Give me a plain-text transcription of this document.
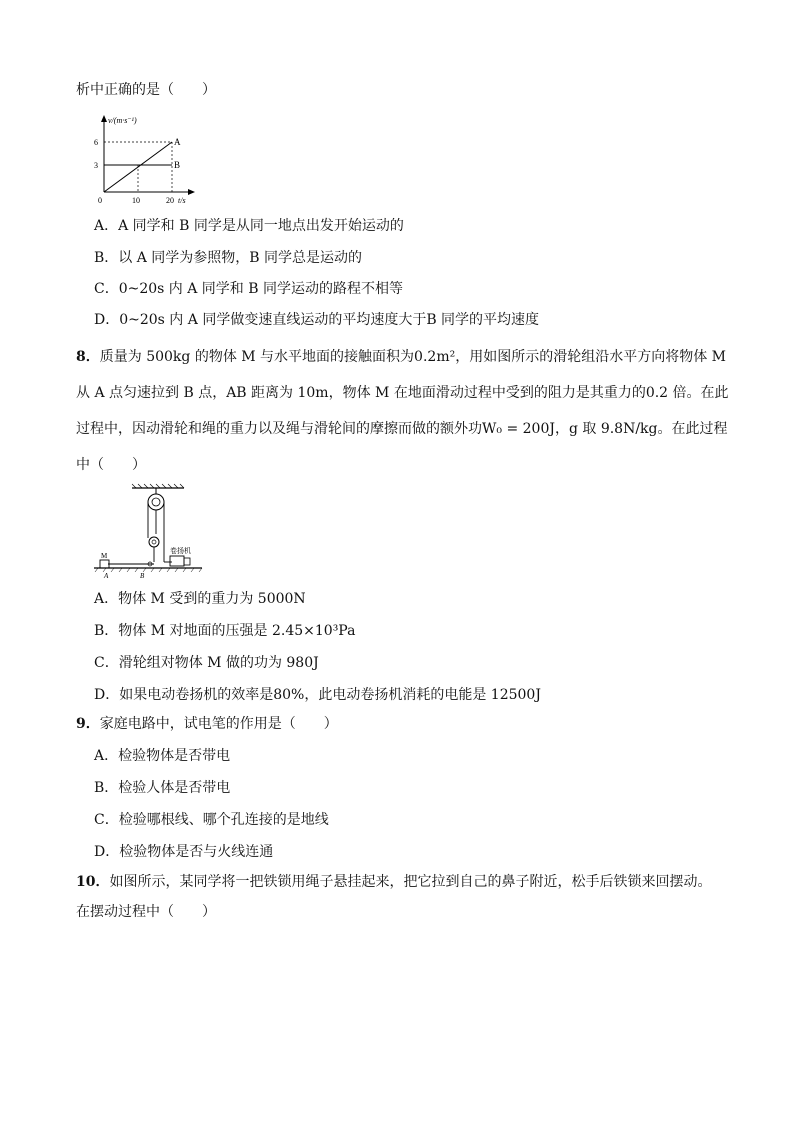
析中正确的是（　　）
v/(m·s⁻¹)
6
3
A
B
0	10	20 t/s
A．A 同学和 B 同学是从同一地点出发开始运动的
B．以 A 同学为参照物，B 同学总是运动的
C．0~20s 内 A 同学和 B 同学运动的路程不相等
D．0~20s 内 A 同学做变速直线运动的平均速度大于B 同学的平均速度
8．质量为 500kg 的物体 M 与水平地面的接触面积为0.2m²，用如图所示的滑轮组沿水平方向将物体 M
从 A 点匀速拉到 B 点，AB 距离为 10m，物体 M 在地面滑动过程中受到的阻力是其重力的0.2 倍。在此
过程中，因动滑轮和绳的重力以及绳与滑轮间的摩擦而做的额外功W₀ = 200J，g 取 9.8N/kg。在此过程
中（　　）
卷扬机
M
A	B
A．物体 M 受到的重力为 5000N
B．物体 M 对地面的压强是 2.45×10³Pa
C．滑轮组对物体 M 做的功为 980J
D．如果电动卷扬机的效率是80%，此电动卷扬机消耗的电能是 12500J
9．家庭电路中，试电笔的作用是（　　）
A．检验物体是否带电
B．检验人体是否带电
C．检验哪根线、哪个孔连接的是地线
D．检验物体是否与火线连通
10．如图所示，某同学将一把铁锁用绳子悬挂起来，把它拉到自己的鼻子附近，松手后铁锁来回摆动。
在摆动过程中（　　）
